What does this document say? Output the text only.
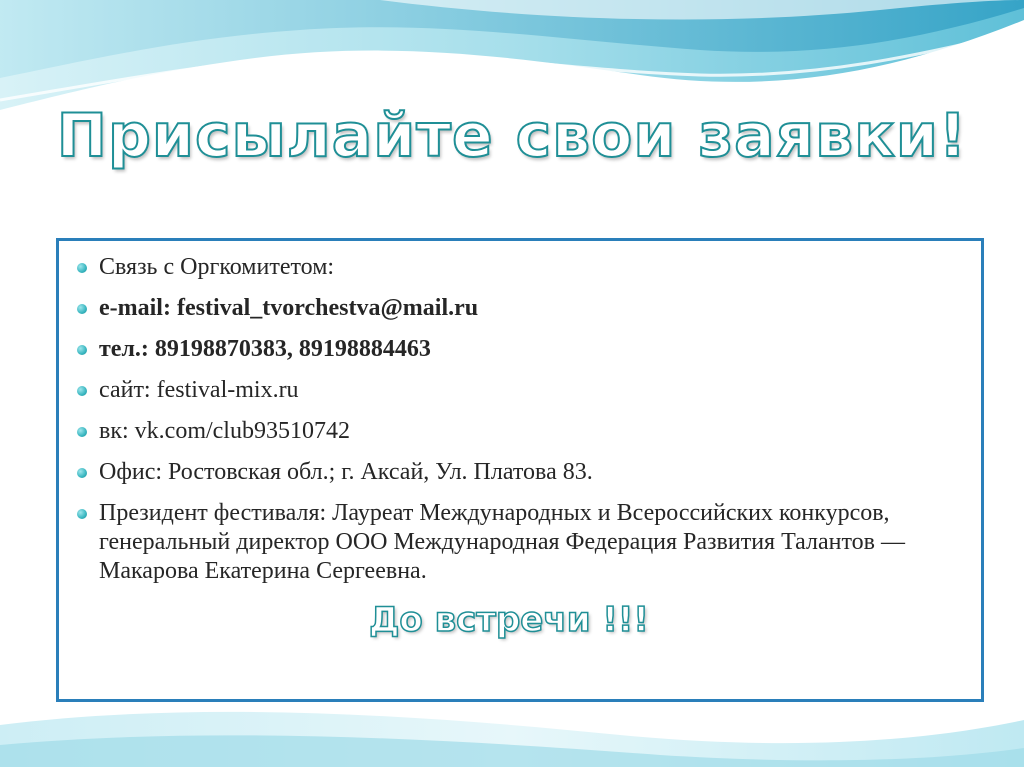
Присылайте свои заявки!
Связь с Оргкомитетом:
e-mail: festival_tvorchestva@mail.ru
тел.: 89198870383, 89198884463
сайт: festival-mix.ru
вк: vk.com/club93510742
Офис: Ростовская обл.; г. Аксай, Ул. Платова 83.
Президент фестиваля: Лауреат Международных и Всероссийских конкурсов, генеральный директор ООО Международная Федерация Развития Талантов — Макарова Екатерина Сергеевна.
До встречи !!!
